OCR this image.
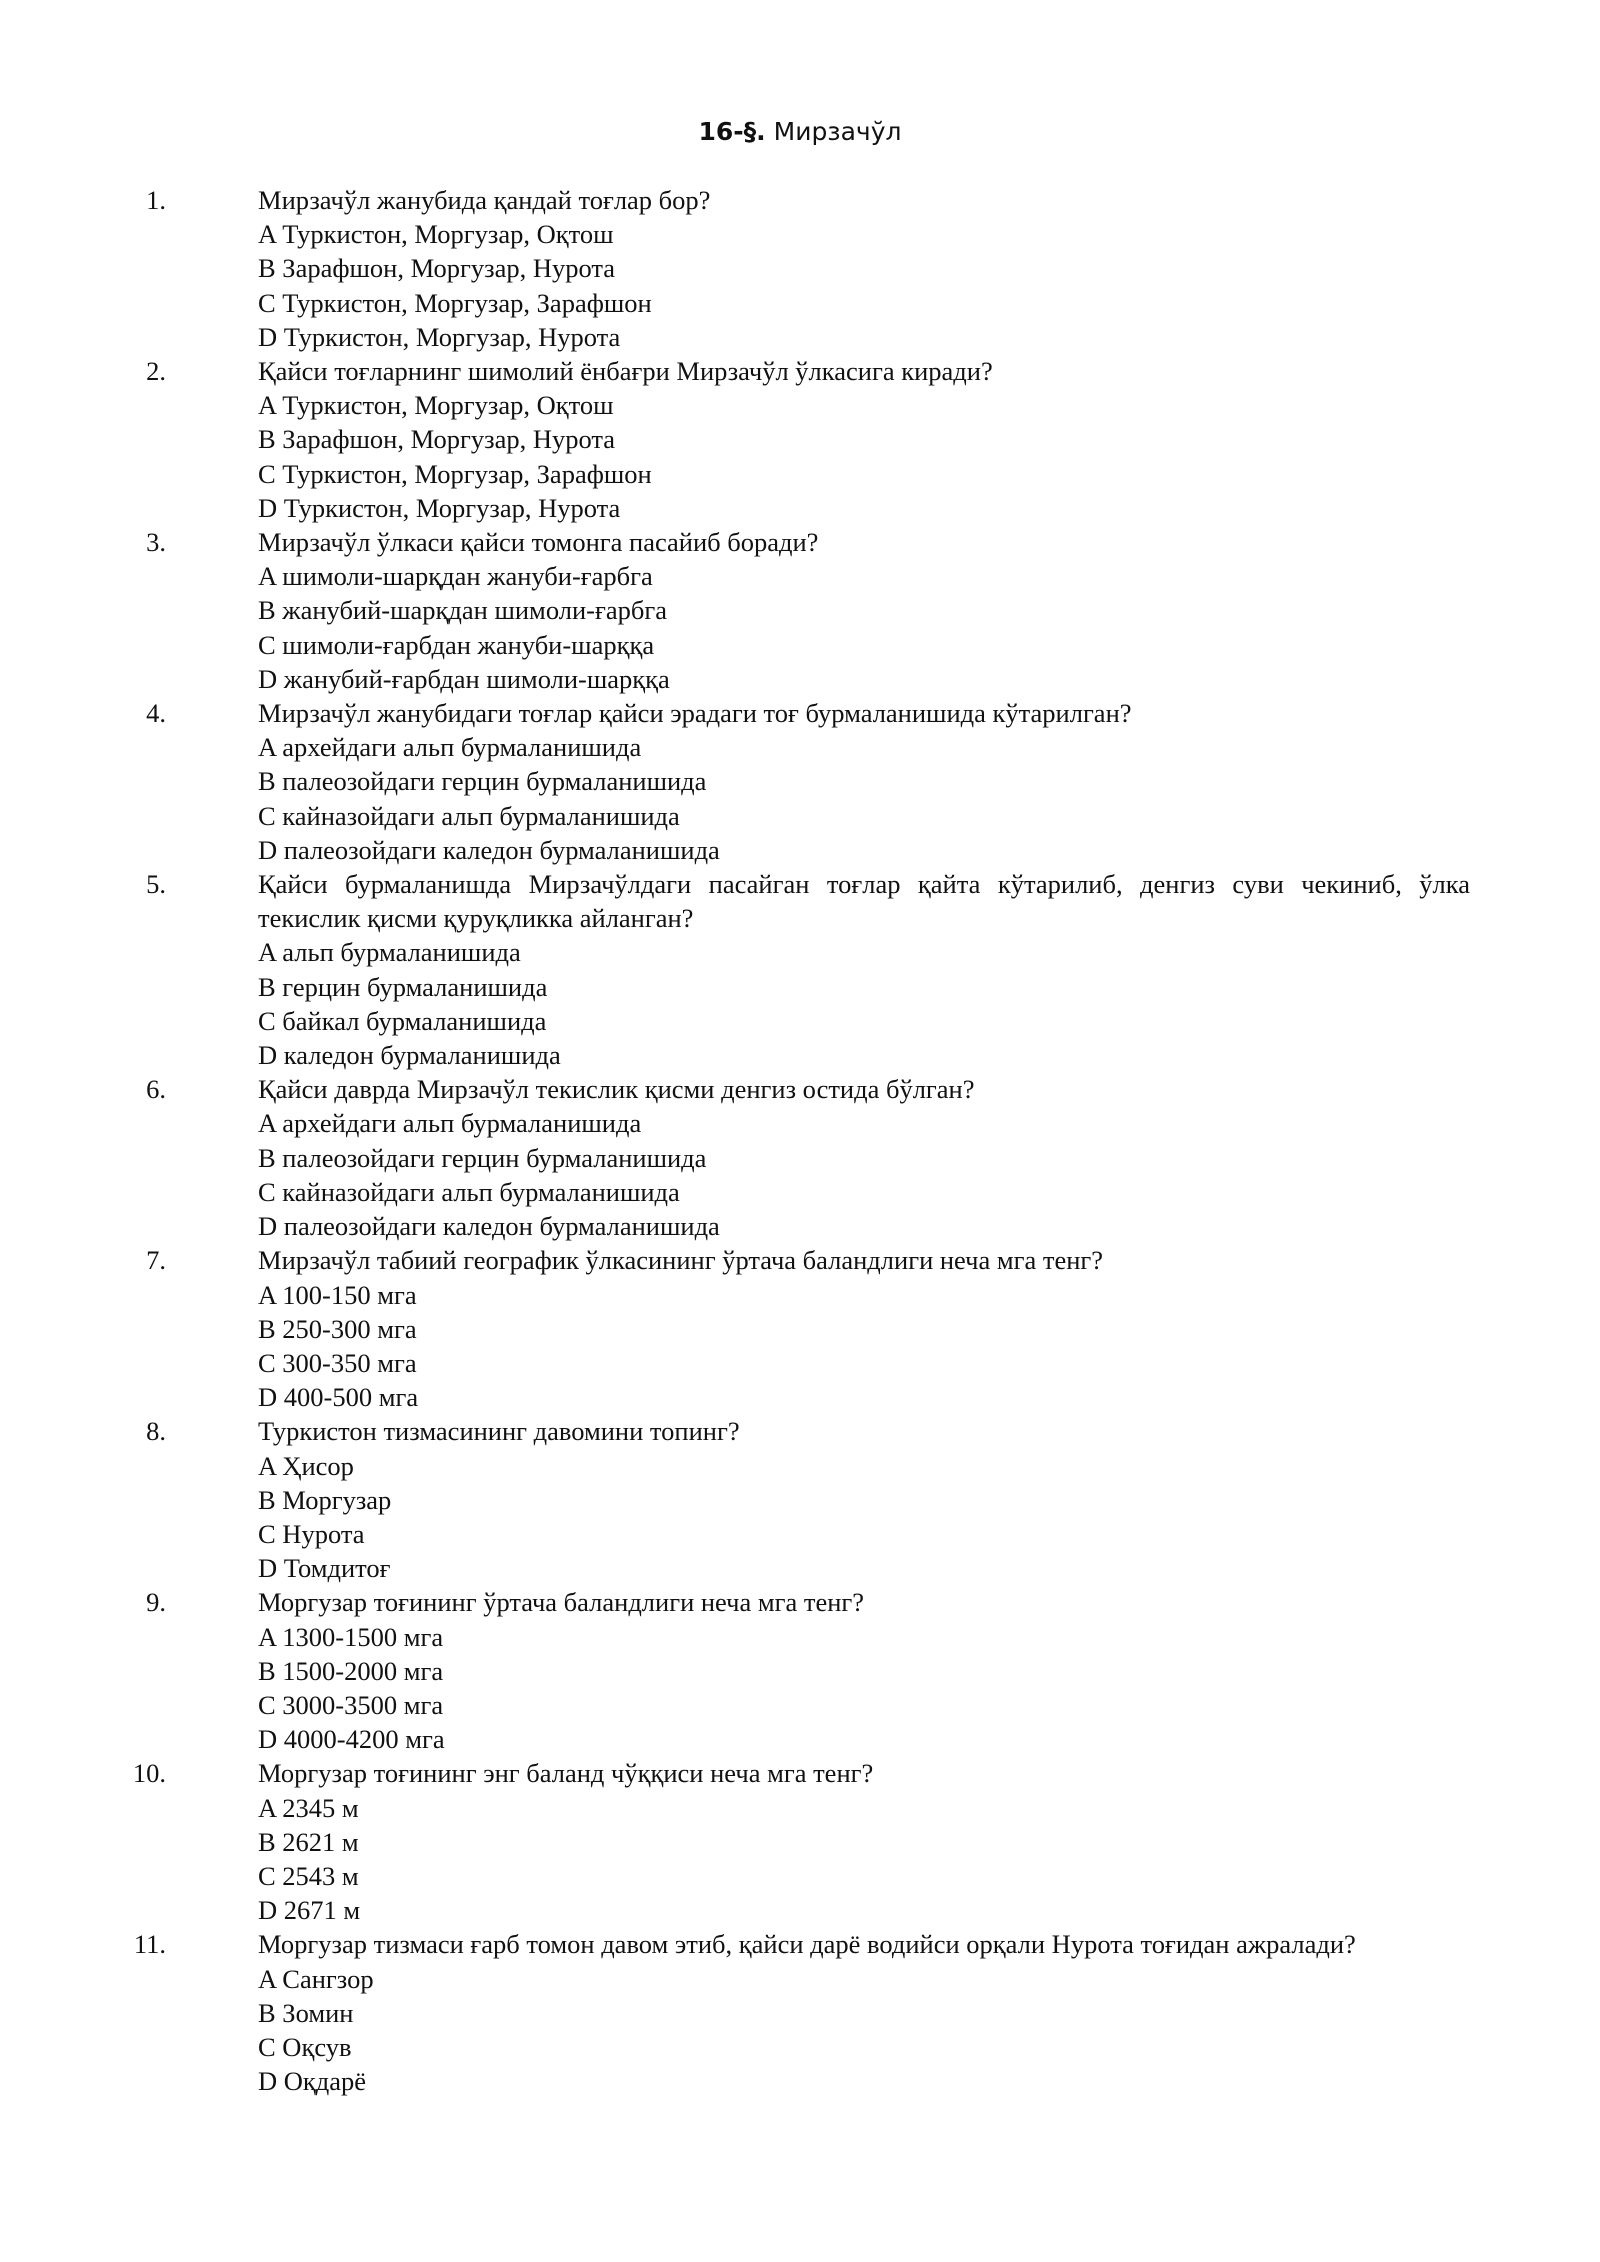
16-§. Мирзачўл
1.	Мирзачўл жанубида қандай тоғлар бор?
A Туркистон, Моргузар, Оқтош
B Зарафшон, Моргузар, Нурота
C Туркистон, Моргузар, Зарафшон
D Туркистон, Моргузар, Нурота
2.	Қайси тоғларнинг шимолий ёнбағри Мирзачўл ўлкасига киради?
A Туркистон, Моргузар, Оқтош
B Зарафшон, Моргузар, Нурота
C Туркистон, Моргузар, Зарафшон
D Туркистон, Моргузар, Нурота
3.	Мирзачўл ўлкаси қайси томонга пасайиб боради?
A шимоли-шарқдан жануби-ғарбга
B жанубий-шарқдан шимоли-ғарбга
C шимоли-ғарбдан жануби-шарққа
D жанубий-ғарбдан шимоли-шарққа
4.	Мирзачўл жанубидаги тоғлар қайси эрадаги тоғ бурмаланишида кўтарилган?
A архейдаги альп бурмаланишида
B палеозойдаги герцин бурмаланишида
C кайназойдаги альп бурмаланишида
D палеозойдаги каледон бурмаланишида
5.	Қайси бурмаланишда Мирзачўлдаги пасайган тоғлар қайта кўтарилиб, денгиз суви чекиниб, ўлка текислик қисми қуруқликка айланган?
A альп бурмаланишида
B герцин бурмаланишида
C байкал бурмаланишида
D каледон бурмаланишида
6.	Қайси даврда Мирзачўл текислик қисми денгиз остида бўлган?
A архейдаги альп бурмаланишида
B палеозойдаги герцин бурмаланишида
C кайназойдаги альп бурмаланишида
D палеозойдаги каледон бурмаланишида
7.	Мирзачўл табиий географик ўлкасининг ўртача баландлиги неча мга тенг?
A 100-150 мга
B 250-300 мга
C 300-350 мга
D 400-500 мга
8.	Туркистон тизмасининг давомини топинг?
A Ҳисор
B Моргузар
C Нурота
D Томдитоғ
9.	Моргузар тоғининг ўртача баландлиги неча мга тенг?
A 1300-1500 мга
B 1500-2000 мга
C 3000-3500 мга
D 4000-4200 мга
10.	Моргузар тоғининг энг баланд чўққиси неча мга тенг?
A 2345 м
B 2621 м
C 2543 м
D 2671 м
11.	Моргузар тизмаси ғарб томон давом этиб, қайси дарё водийси орқали Нурота тоғидан ажралади?
A Сангзор
B Зомин
C Оқсув
D Оқдарё
